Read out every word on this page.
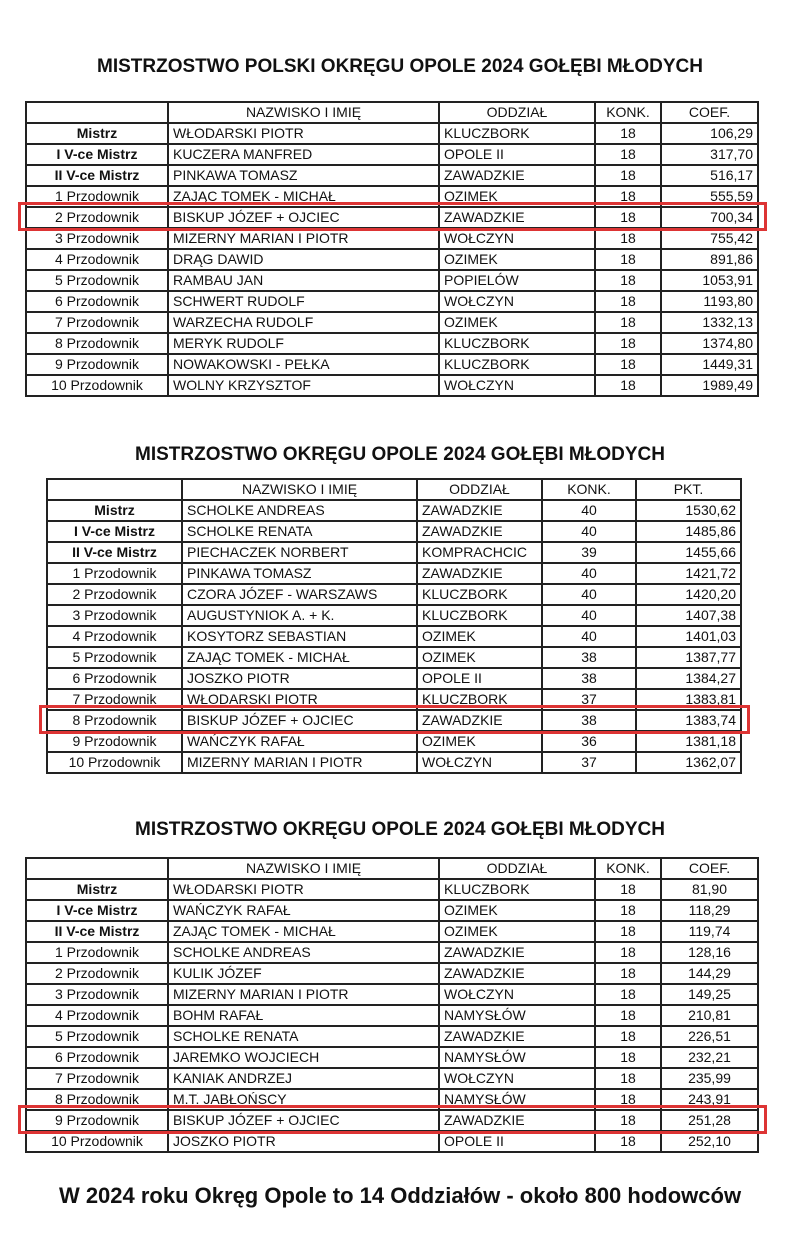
MISTRZOSTWO POLSKI OKRĘGU OPOLE 2024 GOŁĘBI MŁODYCH
	NAZWISKO I IMIĘ	ODDZIAŁ	KONK.	COEF.
Mistrz	WŁODARSKI PIOTR	KLUCZBORK	18	106,29
I V-ce Mistrz	KUCZERA MANFRED	OPOLE II	18	317,70
II V-ce Mistrz	PINKAWA TOMASZ	ZAWADZKIE	18	516,17
1 Przodownik	ZAJĄC TOMEK - MICHAŁ	OZIMEK	18	555,59
2 Przodownik	BISKUP JÓZEF + OJCIEC	ZAWADZKIE	18	700,34
3 Przodownik	MIZERNY MARIAN I PIOTR	WOŁCZYN	18	755,42
4 Przodownik	DRĄG DAWID	OZIMEK	18	891,86
5 Przodownik	RAMBAU JAN	POPIELÓW	18	1053,91
6 Przodownik	SCHWERT RUDOLF	WOŁCZYN	18	1193,80
7 Przodownik	WARZECHA RUDOLF	OZIMEK	18	1332,13
8 Przodownik	MERYK RUDOLF	KLUCZBORK	18	1374,80
9 Przodownik	NOWAKOWSKI - PEŁKA	KLUCZBORK	18	1449,31
10 Przodownik	WOLNY KRZYSZTOF	WOŁCZYN	18	1989,49
MISTRZOSTWO OKRĘGU OPOLE 2024 GOŁĘBI MŁODYCH
	NAZWISKO I IMIĘ	ODDZIAŁ	KONK.	PKT.
Mistrz	SCHOLKE ANDREAS	ZAWADZKIE	40	1530,62
I V-ce Mistrz	SCHOLKE RENATA	ZAWADZKIE	40	1485,86
II V-ce Mistrz	PIECHACZEK NORBERT	KOMPRACHCIC	39	1455,66
1 Przodownik	PINKAWA TOMASZ	ZAWADZKIE	40	1421,72
2 Przodownik	CZORA JÓZEF - WARSZAWS	KLUCZBORK	40	1420,20
3 Przodownik	AUGUSTYNIOK A. + K.	KLUCZBORK	40	1407,38
4 Przodownik	KOSYTORZ SEBASTIAN	OZIMEK	40	1401,03
5 Przodownik	ZAJĄC TOMEK - MICHAŁ	OZIMEK	38	1387,77
6 Przodownik	JOSZKO PIOTR	OPOLE II	38	1384,27
7 Przodownik	WŁODARSKI PIOTR	KLUCZBORK	37	1383,81
8 Przodownik	BISKUP JÓZEF + OJCIEC	ZAWADZKIE	38	1383,74
9 Przodownik	WAŃCZYK RAFAŁ	OZIMEK	36	1381,18
10 Przodownik	MIZERNY MARIAN I PIOTR	WOŁCZYN	37	1362,07
MISTRZOSTWO OKRĘGU OPOLE 2024 GOŁĘBI MŁODYCH
	NAZWISKO I IMIĘ	ODDZIAŁ	KONK.	COEF.
Mistrz	WŁODARSKI PIOTR	KLUCZBORK	18	81,90
I V-ce Mistrz	WAŃCZYK RAFAŁ	OZIMEK	18	118,29
II V-ce Mistrz	ZAJĄC TOMEK - MICHAŁ	OZIMEK	18	119,74
1 Przodownik	SCHOLKE ANDREAS	ZAWADZKIE	18	128,16
2 Przodownik	KULIK JÓZEF	ZAWADZKIE	18	144,29
3 Przodownik	MIZERNY MARIAN I PIOTR	WOŁCZYN	18	149,25
4 Przodownik	BOHM RAFAŁ	NAMYSŁÓW	18	210,81
5 Przodownik	SCHOLKE RENATA	ZAWADZKIE	18	226,51
6 Przodownik	JAREMKO WOJCIECH	NAMYSŁÓW	18	232,21
7 Przodownik	KANIAK ANDRZEJ	WOŁCZYN	18	235,99
8 Przodownik	M.T. JABŁOŃSCY	NAMYSŁÓW	18	243,91
9 Przodownik	BISKUP JÓZEF + OJCIEC	ZAWADZKIE	18	251,28
10 Przodownik	JOSZKO PIOTR	OPOLE II	18	252,10
W 2024 roku Okręg Opole to 14 Oddziałów - około 800 hodowców
